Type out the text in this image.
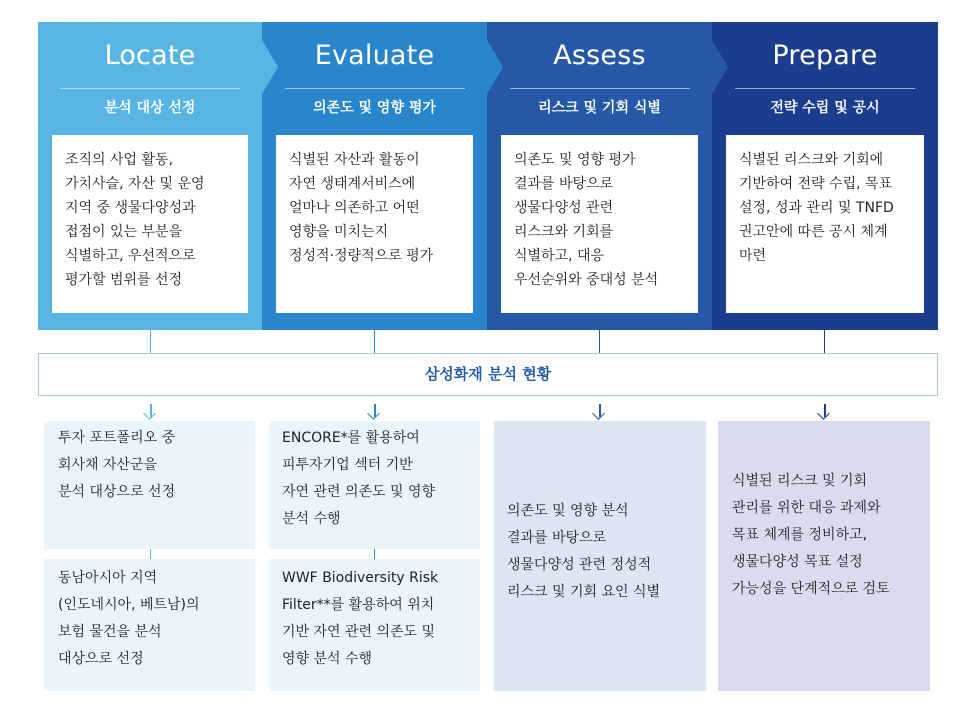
Locate	Evaluate	Assess	Prepare
분석 대상 선정	의존도 및 영향 평가	리스크 및 기회 식별	전략 수립 및 공시
조직의 사업 활동,
가치사슬, 자산 및 운영
지역 중 생물다양성과
접점이 있는 부분을
식별하고, 우선적으로
평가할 범위를 선정
식별된 자산과 활동이
자연 생태계서비스에
얼마나 의존하고 어떤
영향을 미치는지
정성적·정량적으로 평가
의존도 및 영향 평가
결과를 바탕으로
생물다양성 관련
리스크와 기회를
식별하고, 대응
우선순위와 중대성 분석
식별된 리스크와 기회에
기반하여 전략 수립, 목표
설정, 성과 관리 및 TNFD
권고안에 따른 공시 체계
마련
삼성화재 분석 현황
투자 포트폴리오 중
회사채 자산군을
분석 대상으로 선정
동남아시아 지역
(인도네시아, 베트남)의
보험 물건을 분석
대상으로 선정
ENCORE*를 활용하여
피투자기업 섹터 기반
자연 관련 의존도 및 영향
분석 수행
WWF Biodiversity Risk
Filter**를 활용하여 위치
기반 자연 관련 의존도 및
영향 분석 수행
의존도 및 영향 분석
결과를 바탕으로
생물다양성 관련 정성적
리스크 및 기회 요인 식별
식별된 리스크 및 기회
관리를 위한 대응 과제와
목표 체계를 정비하고,
생물다양성 목표 설정
가능성을 단계적으로 검토
